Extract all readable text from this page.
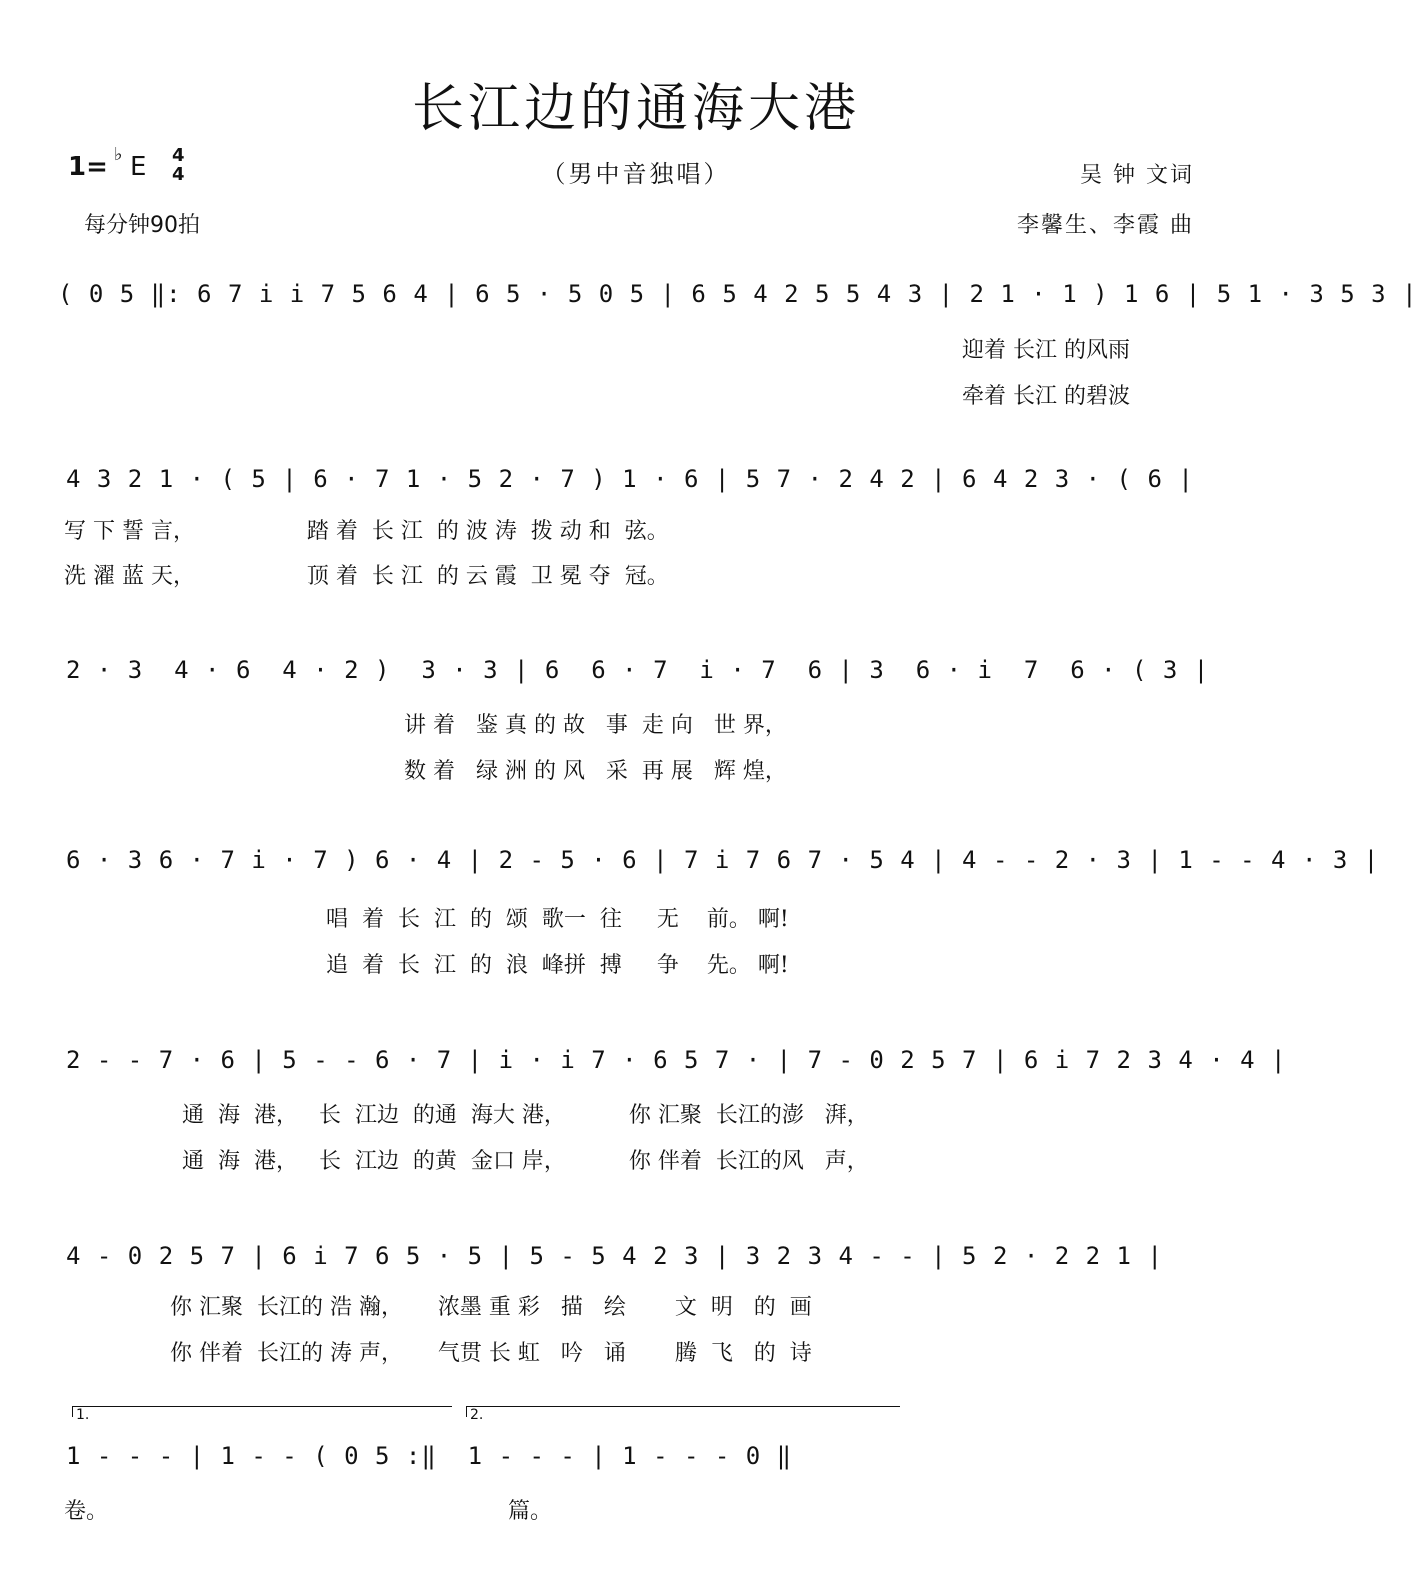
长江边的通海大港
1= ♭ E 4
4
每分钟90拍
（男中音独唱）	吴 钟 文词
李馨生、李霞 曲
( 0 5 ‖: 6 7 i i 7 5 6 4 | 6 5 · 5 0 5 | 6 5 4 2 5 5 4 3 | 2 1 · 1 ) 1 6 | 5 1 · 3 5 3 |
迎着 长江 的风雨
牵着 长江 的碧波
4 3 2 1 · ( 5 | 6 · 7 1 · 5 2 · 7 ) 1 · 6 | 5 7 · 2 4 2 | 6 4 2 3 · ( 6 |
写 下 誓 言，                踏 着  长 江  的 波 涛  拨 动 和  弦。
洗 濯 蓝 天，                顶 着  长 江  的 云 霞  卫 冕 夺  冠。
2 · 3  4 · 6  4 · 2 )  3 · 3 | 6  6 · 7  i · 7  6 | 3  6 · i  7  6 · ( 3 |
讲 着   鉴 真 的 故   事  走 向   世 界，
数 着   绿 洲 的 风   采  再 展   辉 煌，
6 · 3 6 · 7 i · 7 ) 6 · 4 | 2 - 5 · 6 | 7 i 7 6 7 · 5 4 | 4 - - 2 · 3 | 1 - - 4 · 3 |
唱  着  长  江  的  颂  歌一  往     无    前。 啊!
追  着  长  江  的  浪  峰拼  搏     争    先。 啊!
2 - - 7 · 6 | 5 - - 6 · 7 | i · i 7 · 6 5 7 · | 7 - 0 2 5 7 | 6 i 7 2 3 4 · 4 |
通  海  港，   长  江边  的通  海大 港，         你 汇聚  长江的澎   湃，
通  海  港，   长  江边  的黄  金口 岸，         你 伴着  长江的风   声，
4 - 0 2 5 7 | 6 i 7 6 5 · 5 | 5 - 5 4 2 3 | 3 2 3 4 - - | 5 2 · 2 2 1 |
你 汇聚  长江的 浩 瀚，     浓墨 重 彩   描   绘       文  明   的  画
你 伴着  长江的 涛 声，     气贯 长 虹   吟   诵       腾  飞   的  诗
1.	2.
1 - - - | 1 - - ( 0 5 :‖  1 - - - | 1 - - - 0 ‖
卷。	篇。
